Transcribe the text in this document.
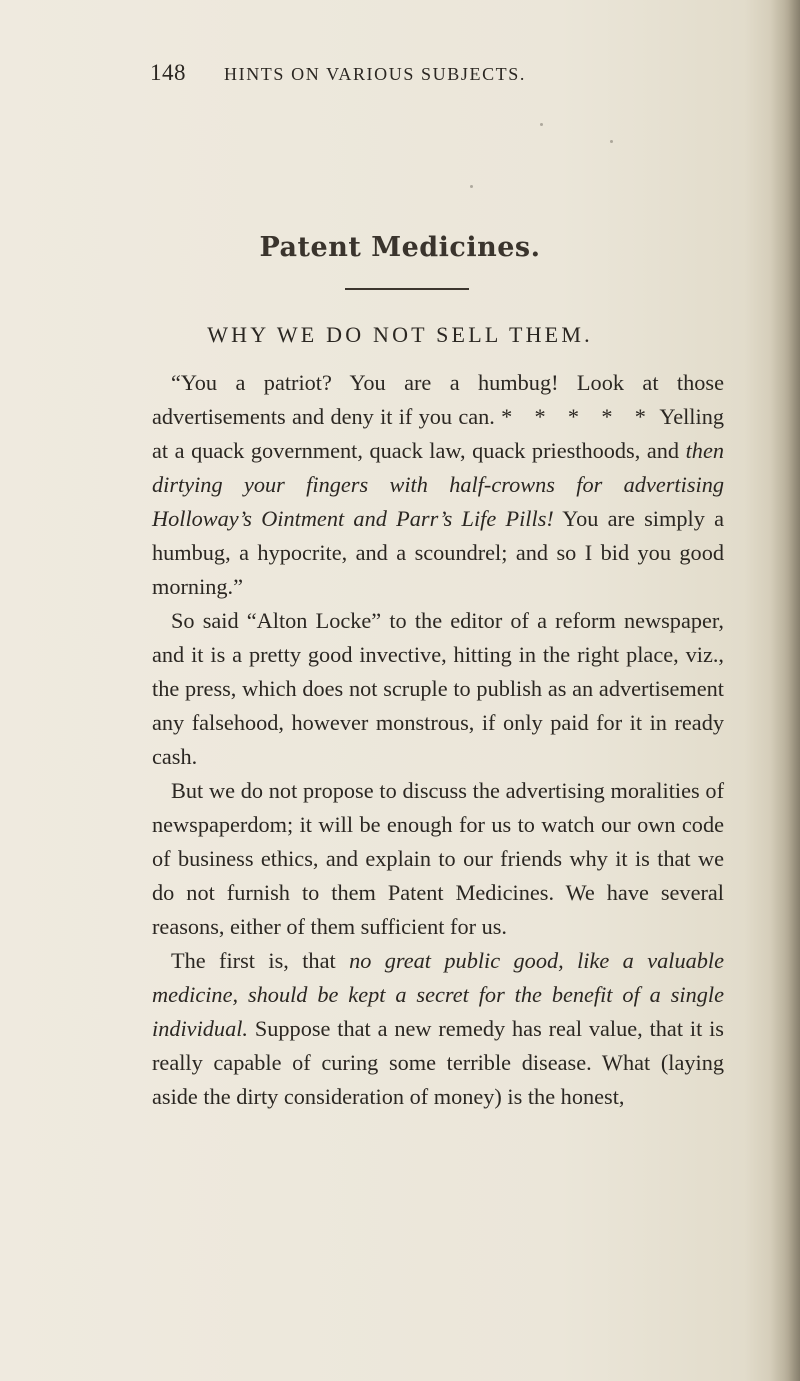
148 HINTS ON VARIOUS SUBJECTS.
Patent Medicines.
WHY WE DO NOT SELL THEM.

“You a patriot? You are a humbug! Look at those advertisements and deny it if you can. * * * * * Yelling at a quack government, quack law, quack priesthoods, and then dirtying your fingers with half-crowns for advertising Holloway’s Ointment and Parr’s Life Pills! You are simply a humbug, a hypocrite, and a scoundrel; and so I bid you good morning.”

So said “Alton Locke” to the editor of a reform newspaper, and it is a pretty good invective, hitting in the right place, viz., the press, which does not scruple to publish as an advertisement any falsehood, however monstrous, if only paid for it in ready cash.

But we do not propose to discuss the advertising moralities of newspaperdom; it will be enough for us to watch our own code of business ethics, and explain to our friends why it is that we do not furnish to them Patent Medicines. We have several reasons, either of them sufficient for us.

The first is, that no great public good, like a valuable medicine, should be kept a secret for the benefit of a single individual. Suppose that a new remedy has real value, that it is really capable of curing some terrible disease. What (laying aside the dirty consideration of money) is the honest,
